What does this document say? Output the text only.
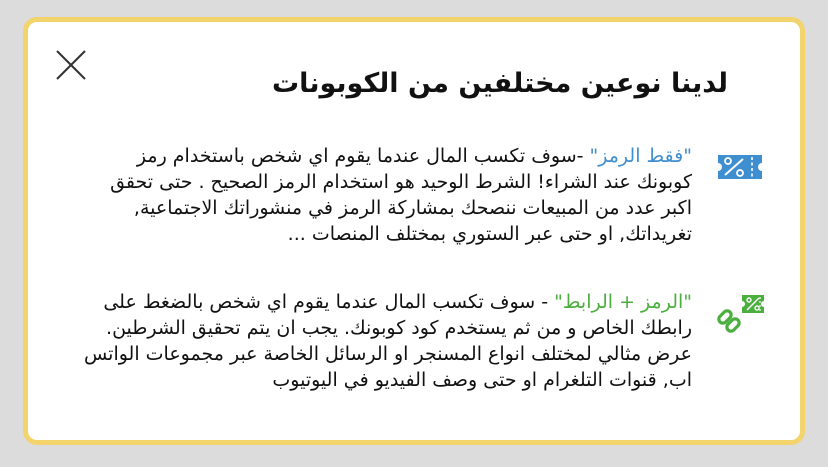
لدينا نوعين مختلفين من الكوبونات

"فقط الرمز" -سوف تكسب المال عندما يقوم اي شخص باستخدام رمز كوبونك عند الشراء! الشرط الوحيد هو استخدام الرمز الصحيح . حتى تحقق اكبر عدد من المبيعات ننصحك بمشاركة الرمز في منشوراتك الاجتماعية, تغريداتك, او حتى عبر الستوري بمختلف المنصات ...

"الرمز + الرابط" - سوف تكسب المال عندما يقوم اي شخص بالضغط على رابطك الخاص و من ثم يستخدم كود كوبونك. يجب ان يتم تحقيق الشرطين. عرض مثالي لمختلف انواع المسنجر او الرسائل الخاصة عبر مجموعات الواتس اب, قنوات التلغرام او حتى وصف الفيديو في اليوتيوب
